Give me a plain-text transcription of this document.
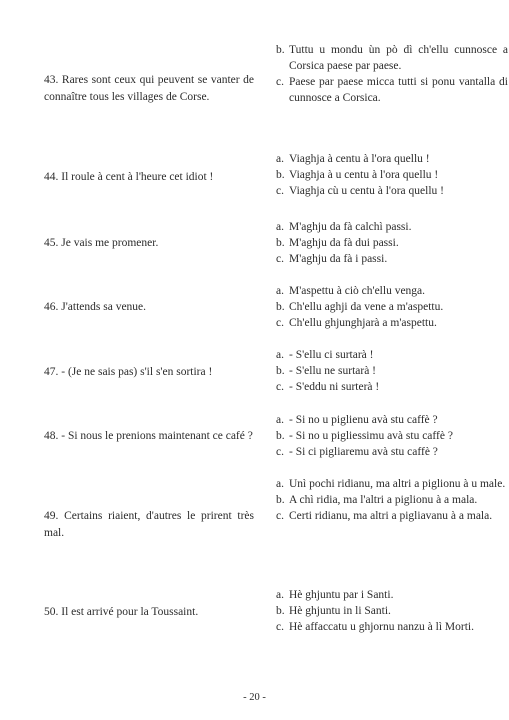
43. Rares sont ceux qui peuvent se vanter de connaître tous les villages de Corse.
b. Tuttu u mondu ùn pò dì ch'ellu cunnosce a Corsica paese par paese.
c. Paese par paese micca tutti si ponu vantalla di cunnosce a Corsica.
44. Il roule à cent à l'heure cet idiot !
a. Viaghja à centu à l'ora quellu !
b. Viaghja à u centu à l'ora quellu !
c. Viaghja cù u centu à l'ora quellu !
45. Je vais me promener.
a. M'aghju da fà calchì passi.
b. M'aghju da fà dui passi.
c. M'aghju da fà i passi.
46. J'attends sa venue.
a. M'aspettu à ciò ch'ellu venga.
b. Ch'ellu aghji da vene a m'aspettu.
c. Ch'ellu ghjunghjarà a m'aspettu.
47. - (Je ne sais pas) s'il s'en sortira !
a. - S'ellu ci surtarà !
b. - S'ellu ne surtarà !
c. - S'eddu ni surterà !
48. - Si nous le prenions maintenant ce café ?
a. - Si no u piglienu avà stu caffè ?
b. - Si no u pigliessimu avà stu caffè ?
c. - Si ci pigliaremu avà stu caffè ?
49. Certains riaient, d'autres le prirent très mal.
a. Unì pochi ridianu, ma altri a piglionu à u male.
b. A chì ridia, ma l'altri a piglionu à a mala.
c. Certi ridianu, ma altri a pigliavanu à a mala.
50. Il est arrivé pour la Toussaint.
a. Hè ghjuntu par i Santi.
b. Hè ghjuntu in li Santi.
c. Hè affaccatu u ghjornu nanzu à lì Morti.
- 20 -
